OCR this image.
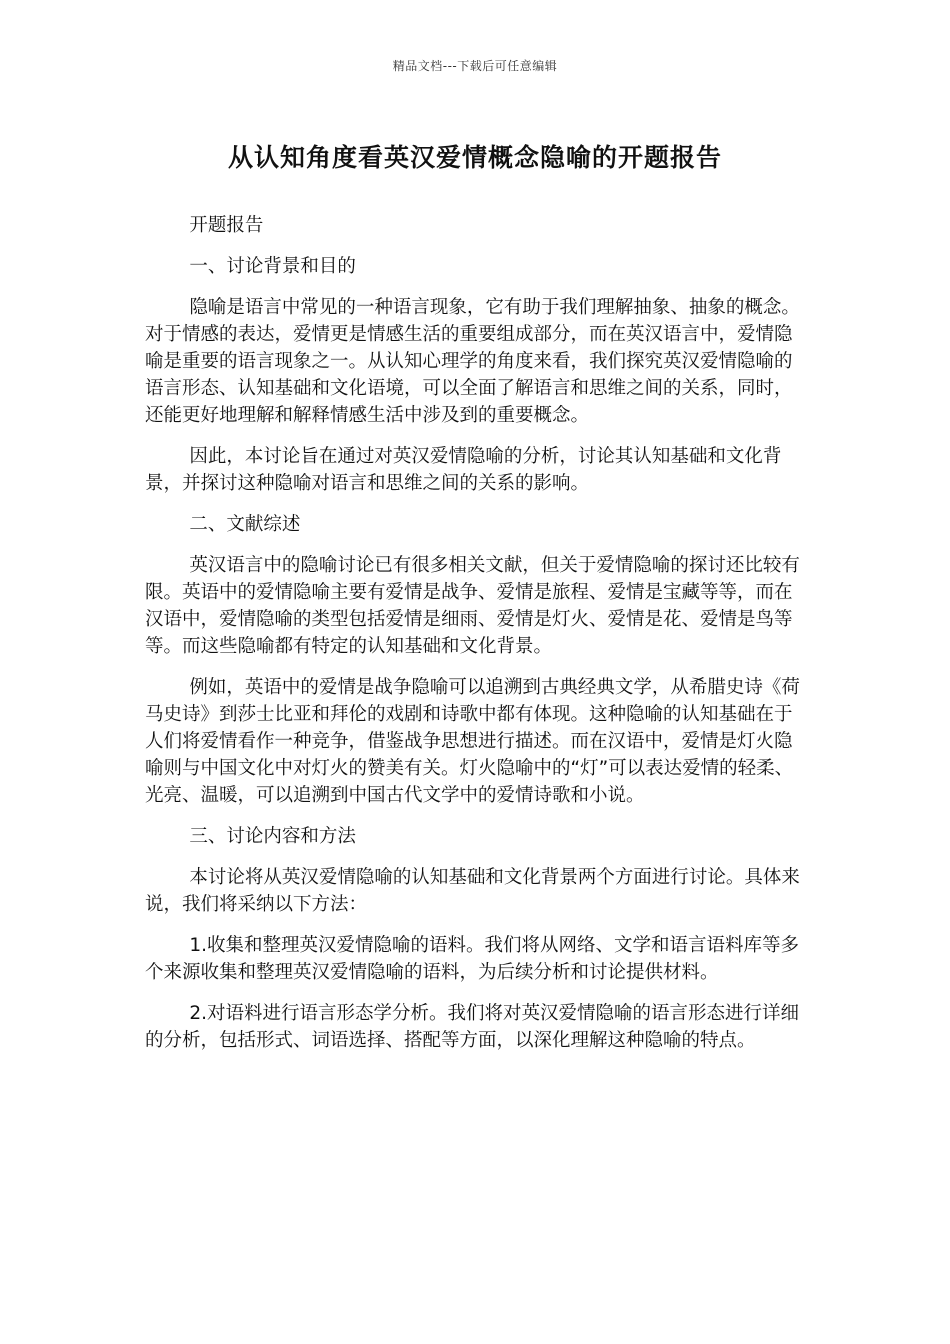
精品文档---下载后可任意编辑
从认知角度看英汉爱情概念隐喻的开题报告

开题报告

一、讨论背景和目的

隐喻是语言中常见的一种语言现象，它有助于我们理解抽象、抽象的概念。对于情感的表达，爱情更是情感生活的重要组成部分，而在英汉语言中，爱情隐喻是重要的语言现象之一。从认知心理学的角度来看，我们探究英汉爱情隐喻的语言形态、认知基础和文化语境，可以全面了解语言和思维之间的关系，同时，还能更好地理解和解释情感生活中涉及到的重要概念。

因此，本讨论旨在通过对英汉爱情隐喻的分析，讨论其认知基础和文化背景，并探讨这种隐喻对语言和思维之间的关系的影响。

二、文献综述

英汉语言中的隐喻讨论已有很多相关文献，但关于爱情隐喻的探讨还比较有限。英语中的爱情隐喻主要有爱情是战争、爱情是旅程、爱情是宝藏等等，而在汉语中，爱情隐喻的类型包括爱情是细雨、爱情是灯火、爱情是花、爱情是鸟等等。而这些隐喻都有特定的认知基础和文化背景。

例如，英语中的爱情是战争隐喻可以追溯到古典经典文学，从希腊史诗《荷马史诗》到莎士比亚和拜伦的戏剧和诗歌中都有体现。这种隐喻的认知基础在于人们将爱情看作一种竞争，借鉴战争思想进行描述。而在汉语中，爱情是灯火隐喻则与中国文化中对灯火的赞美有关。灯火隐喻中的“灯”可以表达爱情的轻柔、光亮、温暖，可以追溯到中国古代文学中的爱情诗歌和小说。

三、讨论内容和方法

本讨论将从英汉爱情隐喻的认知基础和文化背景两个方面进行讨论。具体来说，我们将采纳以下方法：

1.收集和整理英汉爱情隐喻的语料。我们将从网络、文学和语言语料库等多个来源收集和整理英汉爱情隐喻的语料，为后续分析和讨论提供材料。

2.对语料进行语言形态学分析。我们将对英汉爱情隐喻的语言形态进行详细的分析，包括形式、词语选择、搭配等方面，以深化理解这种隐喻的特点。
